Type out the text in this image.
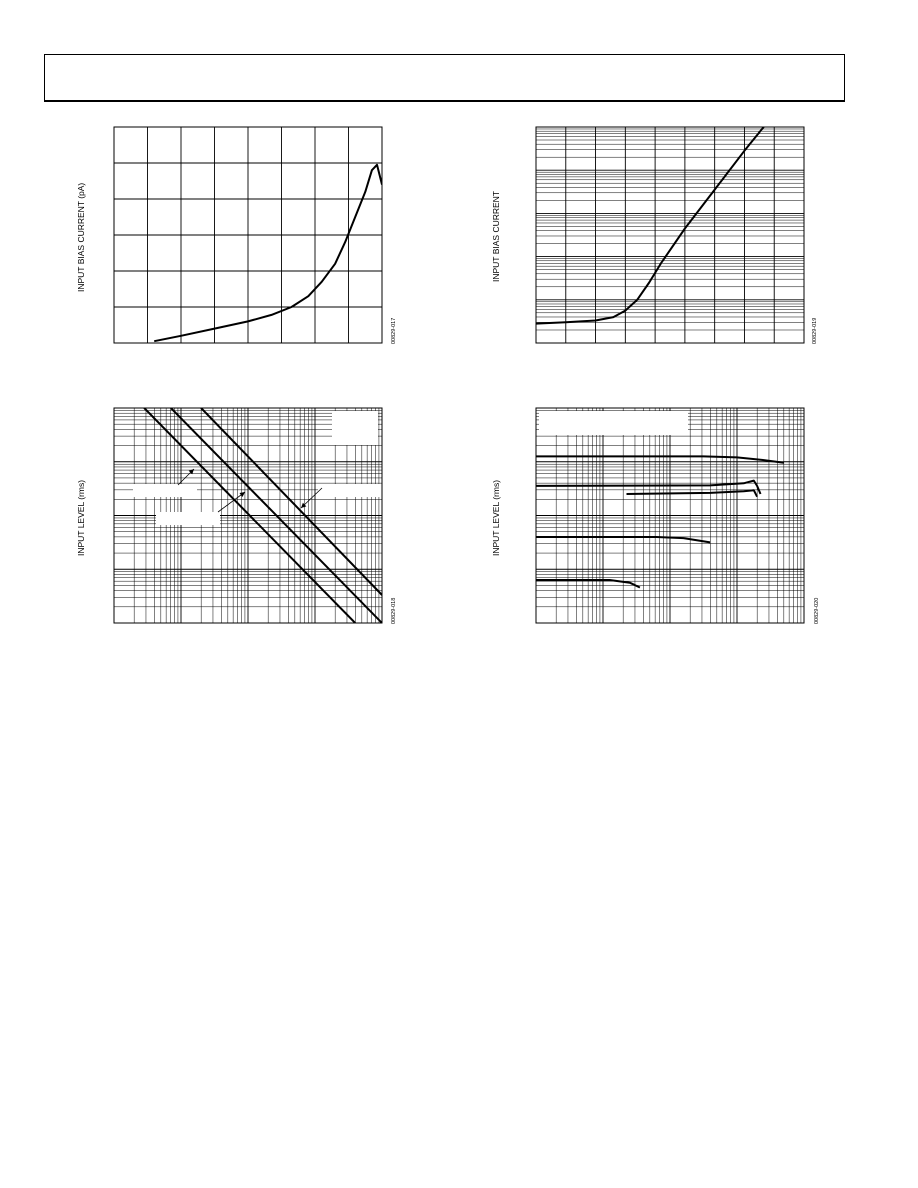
INPUT BIAS CURRENT (pA)
00829-017
INPUT BIAS CURRENT
00829-019
INPUT LEVEL (rms)
00829-018
INPUT LEVEL (rms)
00829-020
